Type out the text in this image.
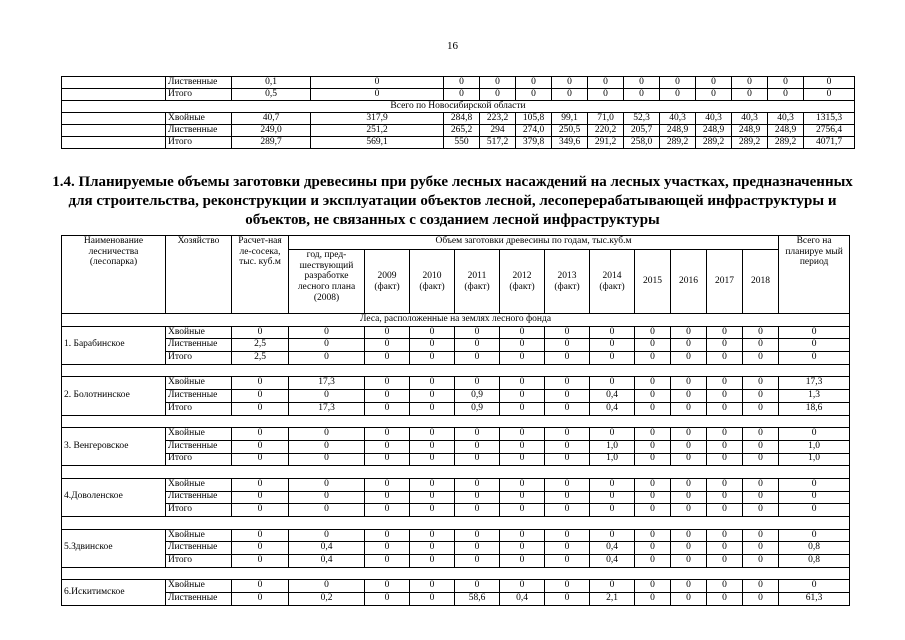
16
	Лиственные	0,1	0	0	0	0	0	0	0	0	0	0	0	0
	Итого	0,5	0	0	0	0	0	0	0	0	0	0	0	0
Всего по Новосибирской области														
	Хвойные	40,7	317,9	284,8	223,2	105,8	99,1	71,0	52,3	40,3	40,3	40,3	40,3	1315,3
	Лиственные	249,0	251,2	265,2	294	274,0	250,5	220,2	205,7	248,9	248,9	248,9	248,9	2756,4
	Итого	289,7	569,1	550	517,2	379,8	349,6	291,2	258,0	289,2	289,2	289,2	289,2	4071,7
1.4. Планируемые объемы заготовки древесины при рубке лесных насаждений на лесных участках, предназначенных для строительства, реконструкции и эксплуатации объектов лесной, лесоперерабатывающей инфраструктуры и объектов, не связанных с созданием лесной инфраструктуры
Наименование лесничества (лесопарка)	Хозяйство	Расчет-ная ле-сосека, тыс. куб.м	Объем заготовки древесины по годам, тыс.куб.м											Всего на планируе мый период
			год, пред-шествующий разработке лесного плана (2008)	2009 (факт)	2010 (факт)	2011 (факт)	2012 (факт)	2013 (факт)	2014 (факт)	2015	2016	2017	2018	
Леса, расположенные на землях лесного фонда														
1. Барабинское	Хвойные	0	0	0	0	0	0	0	0	0	0	0	0	0
	Лиственные	2,5	0	0	0	0	0	0	0	0	0	0	0	0
	Итого	2,5	0	0	0	0	0	0	0	0	0	0	0	0

2. Болотнинское	Хвойные	0	17,3	0	0	0	0	0	0	0	0	0	0	17,3
	Лиственные	0	0	0	0	0,9	0	0	0,4	0	0	0	0	1,3
	Итого	0	17,3	0	0	0,9	0	0	0,4	0	0	0	0	18,6

3. Венгеровское	Хвойные	0	0	0	0	0	0	0	0	0	0	0	0	0
	Лиственные	0	0	0	0	0	0	0	1,0	0	0	0	0	1,0
	Итого	0	0	0	0	0	0	0	1,0	0	0	0	0	1,0

4.Доволенское	Хвойные	0	0	0	0	0	0	0	0	0	0	0	0	0
	Лиственные	0	0	0	0	0	0	0	0	0	0	0	0	0
	Итого	0	0	0	0	0	0	0	0	0	0	0	0	0

5.Здвинское	Хвойные	0	0	0	0	0	0	0	0	0	0	0	0	0
	Лиственные	0	0,4	0	0	0	0	0	0,4	0	0	0	0	0,8
	Итого	0	0,4	0	0	0	0	0	0,4	0	0	0	0	0,8

6.Искитимское	Хвойные	0	0	0	0	0	0	0	0	0	0	0	0	0
	Лиственные	0	0,2	0	0	58,6	0,4	0	2,1	0	0	0	0	61,3
